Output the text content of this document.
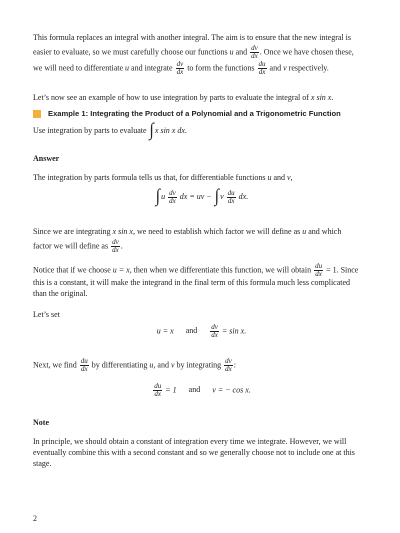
This formula replaces an integral with another integral. The aim is to ensure that the new integral is
easier to evaluate, so we must carefully choose our functions u and $\frac{dv}{dx}$ . Once we have chosen these,
we will need to differentiate u and integrate $\frac{dv}{dx}$ to form the functions $\frac{du}{dx}$ and v respectively.
Let’s now see an example of how to use integration by parts to evaluate the integral of x sin x.
Example 1: Integrating the Product of a Polynomial and a Trigonometric Function
Use integration by parts to evaluate ∫x sin x dx.
Answer
The integration by parts formula tells us that, for differentiable functions u and v,
$\int u \frac{dv}{dx}$ dx = uv − $\int v \frac{du}{dx}$ dx.
Since we are integrating x sin x, we need to establish which factor we will define as u and which
factor we will define as $\frac{dv}{dx}$ .
Notice that if we choose u = x, then when we differentiate this function, we will obtain $\frac{du}{dx} = 1$. Since
this is a constant, it will make the integrand in the final term of this formula much less complicated
than the original.
Let’s set
u = x and $\frac{dv}{dx} = \sin x$.
Next, we find $\frac{du}{dx}$ by differentiating u, and v by integrating $\frac{dv}{dx}$ :
$\frac{du}{dx} = 1$ and v = − cos x.
Note
In principle, we should obtain a constant of integration every time we integrate. However, we will
eventually combine this with a second constant and so we generally choose not to include one at this
stage.
2
